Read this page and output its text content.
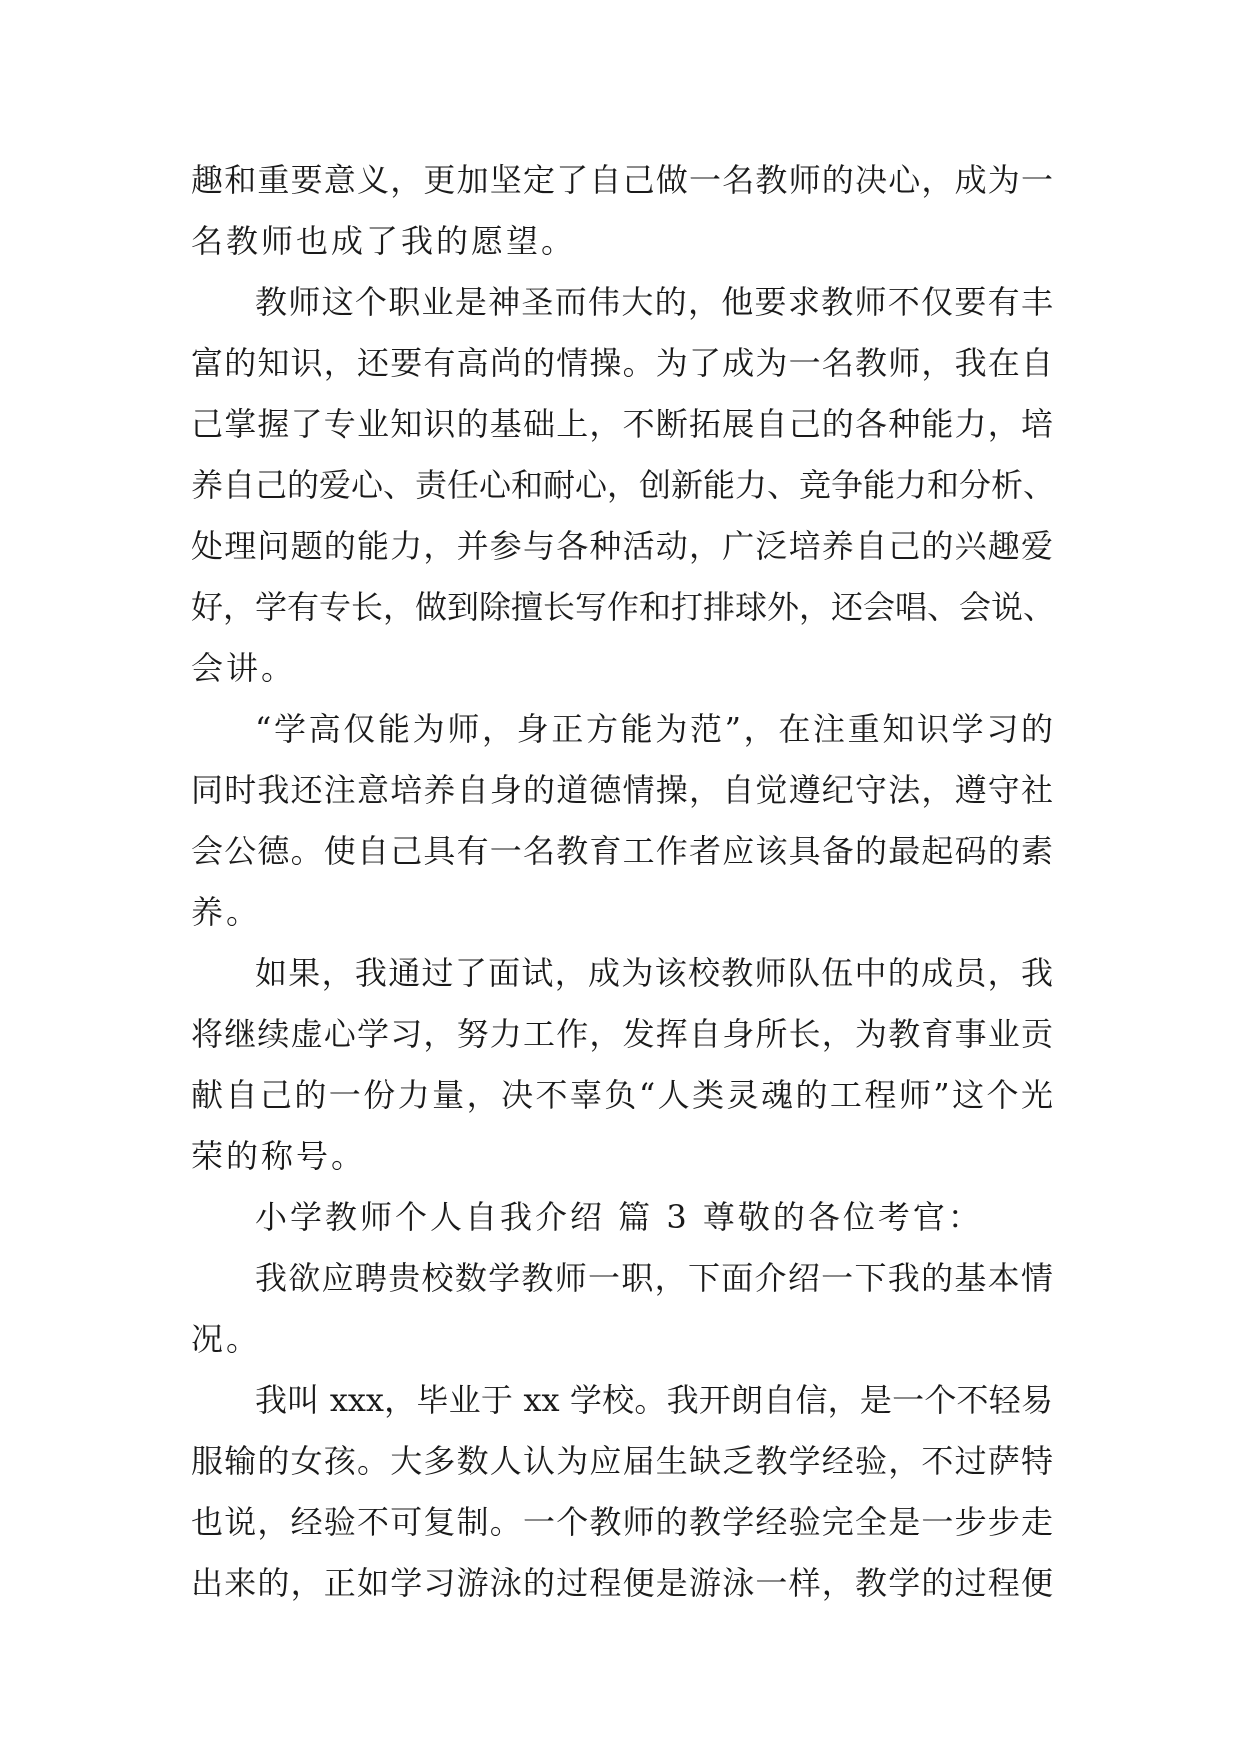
趣和重要意义，更加坚定了自己做一名教师的决心，成为一
名教师也成了我的愿望。
教师这个职业是神圣而伟大的，他要求教师不仅要有丰
富的知识，还要有高尚的情操。为了成为一名教师，我在自
己掌握了专业知识的基础上，不断拓展自己的各种能力，培
养自己的爱心、责任心和耐心，创新能力、竞争能力和分析、
处理问题的能力，并参与各种活动，广泛培养自己的兴趣爱
好，学有专长，做到除擅长写作和打排球外，还会唱、会说、
会讲。
“学高仅能为师，身正方能为范”，在注重知识学习的
同时我还注意培养自身的道德情操，自觉遵纪守法，遵守社
会公德。使自己具有一名教育工作者应该具备的最起码的素
养。
如果，我通过了面试，成为该校教师队伍中的成员，我
将继续虚心学习，努力工作，发挥自身所长，为教育事业贡
献自己的一份力量，决不辜负“人类灵魂的工程师”这个光
荣的称号。
小学教师个人自我介绍 篇 3 尊敬的各位考官：
我欲应聘贵校数学教师一职，下面介绍一下我的基本情
况。
我叫 xxx，毕业于 xx 学校。我开朗自信，是一个不轻易
服输的女孩。大多数人认为应届生缺乏教学经验，不过萨特
也说，经验不可复制。一个教师的教学经验完全是一步步走
出来的，正如学习游泳的过程便是游泳一样，教学的过程便
